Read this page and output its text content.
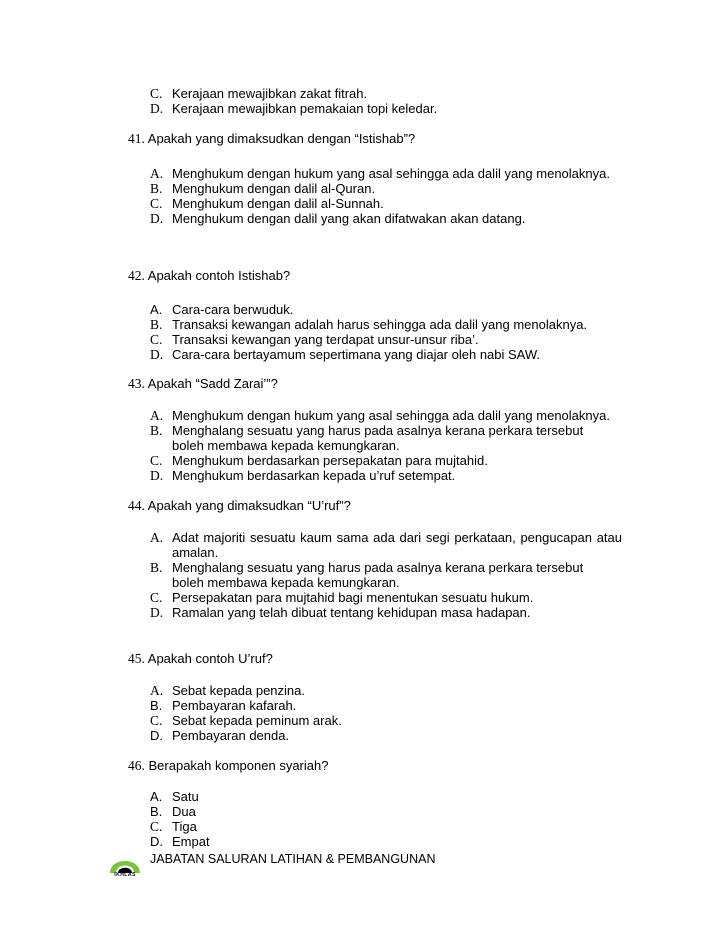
C. Kerajaan mewajibkan zakat fitrah.
D. Kerajaan mewajibkan pemakaian topi keledar.
41. Apakah yang dimaksudkan dengan “Istishab”?
A. Menghukum dengan hukum yang asal sehingga ada dalil yang menolaknya.
B. Menghukum dengan dalil al-Quran.
C. Menghukum dengan dalil al-Sunnah.
D. Menghukum dengan dalil yang akan difatwakan akan datang.
42. Apakah contoh Istishab?
A. Cara-cara berwuduk.
B. Transaksi kewangan adalah harus sehingga ada dalil yang menolaknya.
C. Transaksi kewangan yang terdapat unsur-unsur riba’.
D. Cara-cara bertayamum sepertimana yang diajar oleh nabi SAW.
43. Apakah “Sadd Zarai’”?
A. Menghukum dengan hukum yang asal sehingga ada dalil yang menolaknya.
B. Menghalang sesuatu yang harus pada asalnya kerana perkara tersebut
boleh membawa kepada kemungkaran.
C. Menghukum berdasarkan persepakatan para mujtahid.
D. Menghukum berdasarkan kepada u’ruf setempat.
44. Apakah yang dimaksudkan “U’ruf”?
A. Adat majoriti sesuatu kaum sama ada dari segi perkataan, pengucapan atau
amalan.
B. Menghalang sesuatu yang harus pada asalnya kerana perkara tersebut
boleh membawa kepada kemungkaran.
C. Persepakatan para mujtahid bagi menentukan sesuatu hukum.
D. Ramalan yang telah dibuat tentang kehidupan masa hadapan.
45. Apakah contoh U’ruf?
A. Sebat kepada penzina.
B. Pembayaran kafarah.
C. Sebat kepada peminum arak.
D. Pembayaran denda.
46. Berapakah komponen syariah?
A. Satu
B. Dua
C. Tiga
D. Empat
IKHLAS
JABATAN SALURAN LATIHAN & PEMBANGUNAN
